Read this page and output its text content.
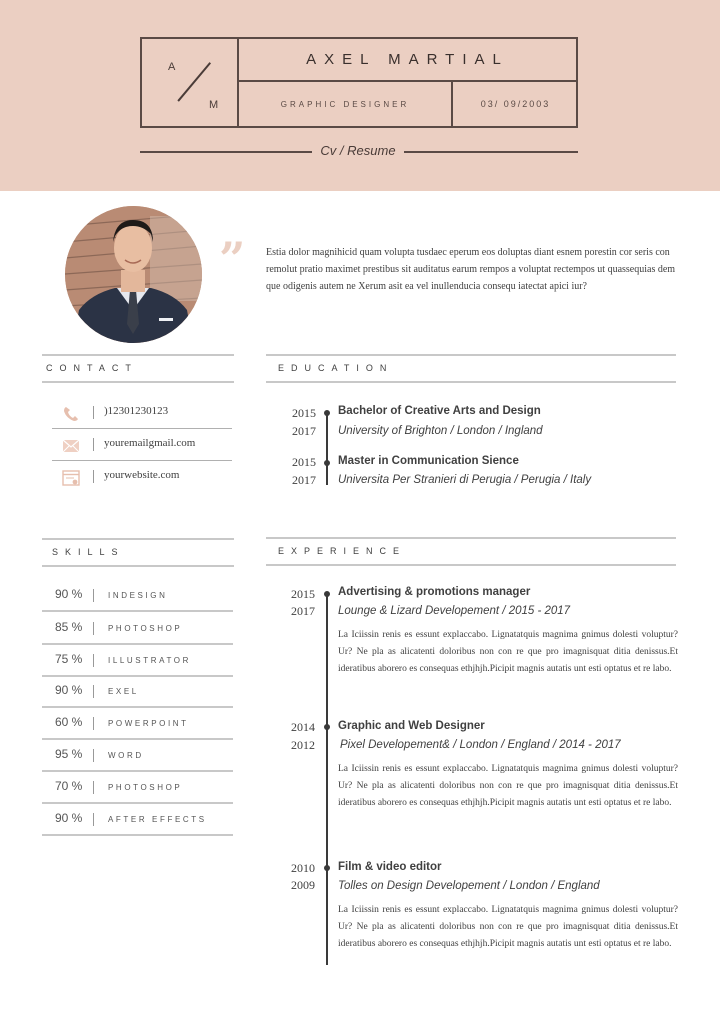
A
M
AXEL MARTIAL
GRAPHIC DESIGNER	03/ 09/2003
Cv / Resume
” Estia dolor magnihicid quam volupta tusdaec eperum eos doluptas diant esnem porestin cor seris con remolut pratio maximet prestibus sit auditatus earum rempos a voluptat rectempos ut quassequias dem que odigenis autem ne Xerum asit ea vel inullenducia consequ iatectat apici iur?

CONTACT
)12301230123
youremailgmail.com
yourwebsite.com
EDUCATION
2015
2017
Bachelor of Creative Arts and Design
University of Brighton / London / Ingland
2015
2017
Master in Communication Sience
Universita Per Stranieri di Perugia / Perugia / Italy
SKILLS
90 %	INDESIGN
85 %	PHOTOSHOP
75 %	ILLUSTRATOR
90 %	EXEL
60 %	POWERPOINT
95 %	WORD
70 %	PHOTOSHOP
90 %	AFTER EFFECTS
EXPERIENCE
2015
2017
Advertising & promotions manager
Lounge & Lizard Developement / 2015 - 2017

La Iciissin renis es essunt explaccabo. Lignatatquis magnima gnimus dolesti voluptur?Ur? Ne pla as alicatenti doloribus non con re que pro imagnisquat ditia denissus.Et ideratibus aborero es consequas ethjhjh.Picipit magnis autatis unt esti optatus et re labo.

2014
2012
Graphic and Web Designer
Pixel Developement& / London / England / 2014 - 2017

La Iciissin renis es essunt explaccabo. Lignatatquis magnima gnimus dolesti voluptur?Ur? Ne pla as alicatenti doloribus non con re que pro imagnisquat ditia denissus.Et ideratibus aborero es consequas ethjhjh.Picipit magnis autatis unt esti optatus et re labo.

2010
2009
Film & video editor
Tolles on Design Developement / London / England

La Iciissin renis es essunt explaccabo. Lignatatquis magnima gnimus dolesti voluptur?Ur? Ne pla as alicatenti doloribus non con re que pro imagnisquat ditia denissus.Et ideratibus aborero es consequas ethjhjh.Picipit magnis autatis unt esti optatus et re labo.
